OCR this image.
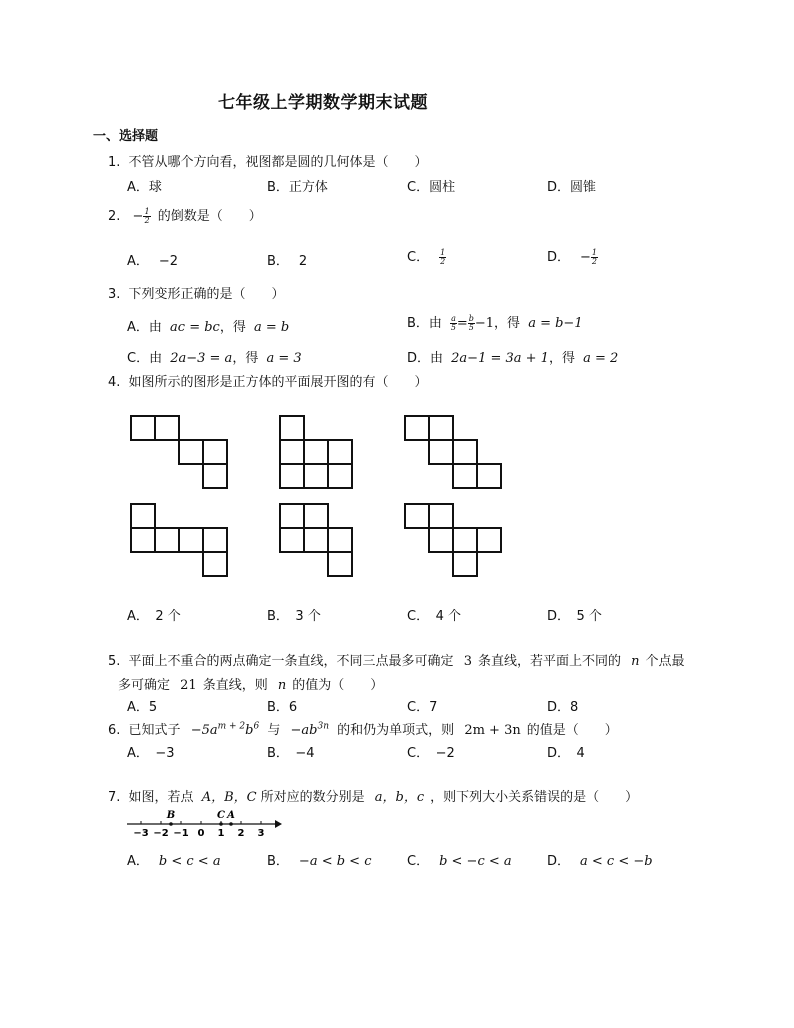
七年级上学期数学期末试题
一、选择题
1. 不管从哪个方向看，视图都是圆的几何体是（　　）
A．球	B．正方体	C．圆柱	D．圆锥
2. − $\frac{1}{2}$ 的倒数是（　　）
A． −2	B． 2	C． $\frac{1}{2}$	D． − $\frac{1}{2}$
3. 下列变形正确的是（　　）
A．由 ac = bc，得 a = b	B．由 $\frac{a}{5} = \frac{b}{5} -1$，得 a = b−1
C．由 2a−3 = a，得 a = 3	D．由 2a−1 = 3a + 1，得 a = 2
4. 如图所示的图形是正方体的平面展开图的有（　　）
A．　2 个	B．　3 个	C．　4 个	D．　5 个
5. 平面上不重合的两点确定一条直线，不同三点最多可确定 3 条直线，若平面上不同的 n 个点最
多可确定 21 条直线，则 n 的值为（　　）
A．5	B．6	C．7	D．8
6. 已知式子 $-5a^{m + 2}b^6$ 与 $-ab^{3n}$ 的和仍为单项式，则 2m + 3n 的值是（　　）
A．　−3	B．　−4	C．　−2	D．　4
7. 如图，若点 A，B，C 所对应的数分别是 a，b，c ，则下列大小关系错误的是（　　）
−3 −2 −1 0 1 2 3
B	C A
A． b < c < a	B． −a < b < c	C． b < −c < a	D． a < c < −b
